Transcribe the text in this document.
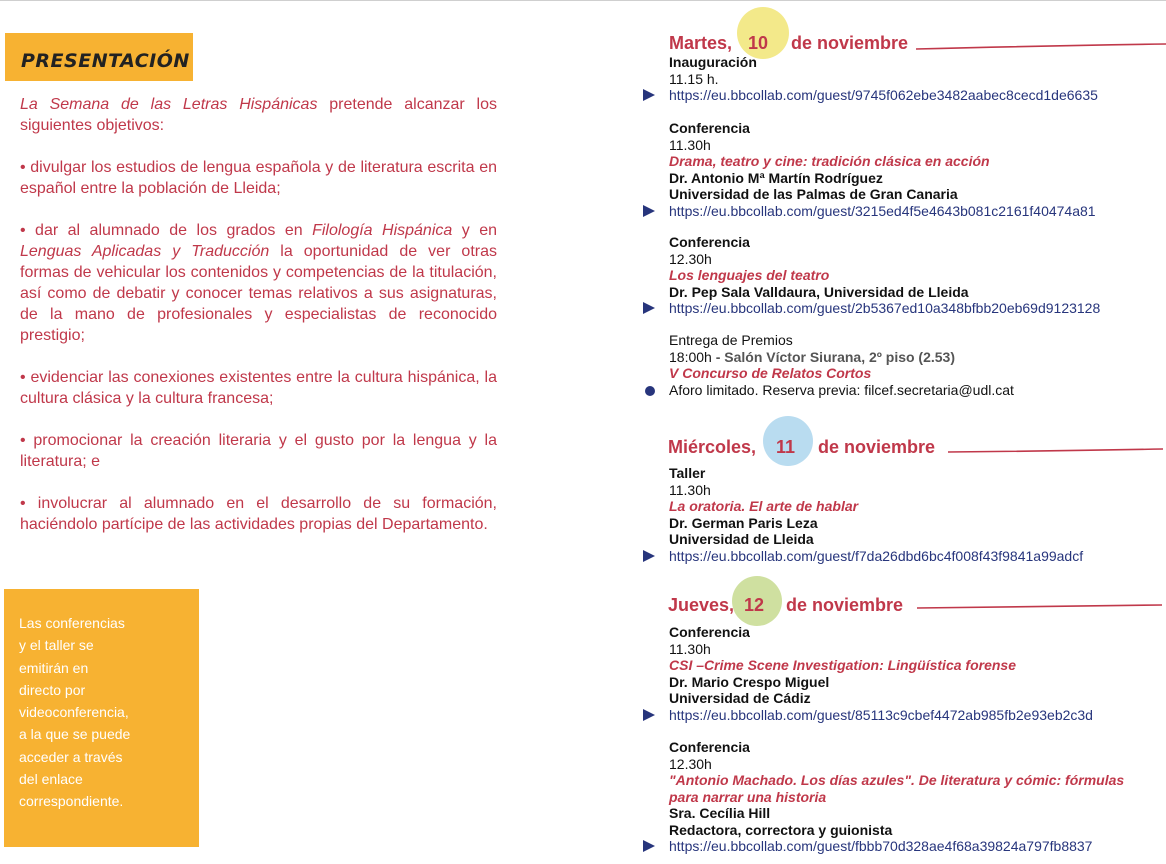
PRESENTACIÓN

La Semana de las Letras Hispánicas pretende alcanzar los siguientes objetivos:

• divulgar los estudios de lengua española y de literatura escrita en español entre la población de Lleida;

• dar al alumnado de los grados en Filología Hispánica y en Lenguas Aplicadas y Traducción la oportunidad de ver otras formas de vehicular los contenidos y competencias de la titulación, así como de debatir y conocer temas relativos a sus asignaturas, de la mano de profesionales y especialistas de reconocido prestigio;

• evidenciar las conexiones existentes entre la cultura hispánica, la cultura clásica y la cultura francesa;

• promocionar la creación literaria y el gusto por la lengua y la literatura; e

• involucrar al alumnado en el desarrollo de su formación, haciéndolo partícipe de las actividades propias del Departamento.

Las conferencias
y el taller se
emitirán en
directo por
videoconferencia,
a la que se puede
acceder a través
del enlace
correspondiente.
Martes, 10 de noviembre
Inauguración
11.15 h.
https://eu.bbcollab.com/guest/9745f062ebe3482aabec8cecd1de6635
Conferencia
11.30h
Drama, teatro y cine: tradición clásica en acción
Dr. Antonio Mª Martín Rodríguez
Universidad de las Palmas de Gran Canaria
https://eu.bbcollab.com/guest/3215ed4f5e4643b081c2161f40474a81
Conferencia
12.30h
Los lenguajes del teatro
Dr. Pep Sala Valldaura, Universidad de Lleida
https://eu.bbcollab.com/guest/2b5367ed10a348bfbb20eb69d9123128
Entrega de Premios
18:00h - Salón Víctor Siurana, 2º piso (2.53)
V Concurso de Relatos Cortos
Aforo limitado. Reserva previa: filcef.secretaria@udl.cat
Miércoles, 11 de noviembre
Taller
11.30h
La oratoria. El arte de hablar
Dr. German Paris Leza
Universidad de Lleida
https://eu.bbcollab.com/guest/f7da26dbd6bc4f008f43f9841a99adcf
Jueves, 12 de noviembre
Conferencia
11.30h
CSI –Crime Scene Investigation: Lingüística forense
Dr. Mario Crespo Miguel
Universidad de Cádiz
https://eu.bbcollab.com/guest/85113c9cbef4472ab985fb2e93eb2c3d
Conferencia
12.30h
"Antonio Machado. Los días azules". De literatura y cómic: fórmulas
para narrar una historia
Sra. Cecília Hill
Redactora, correctora y guionista
https://eu.bbcollab.com/guest/fbbb70d328ae4f68a39824a797fb8837
